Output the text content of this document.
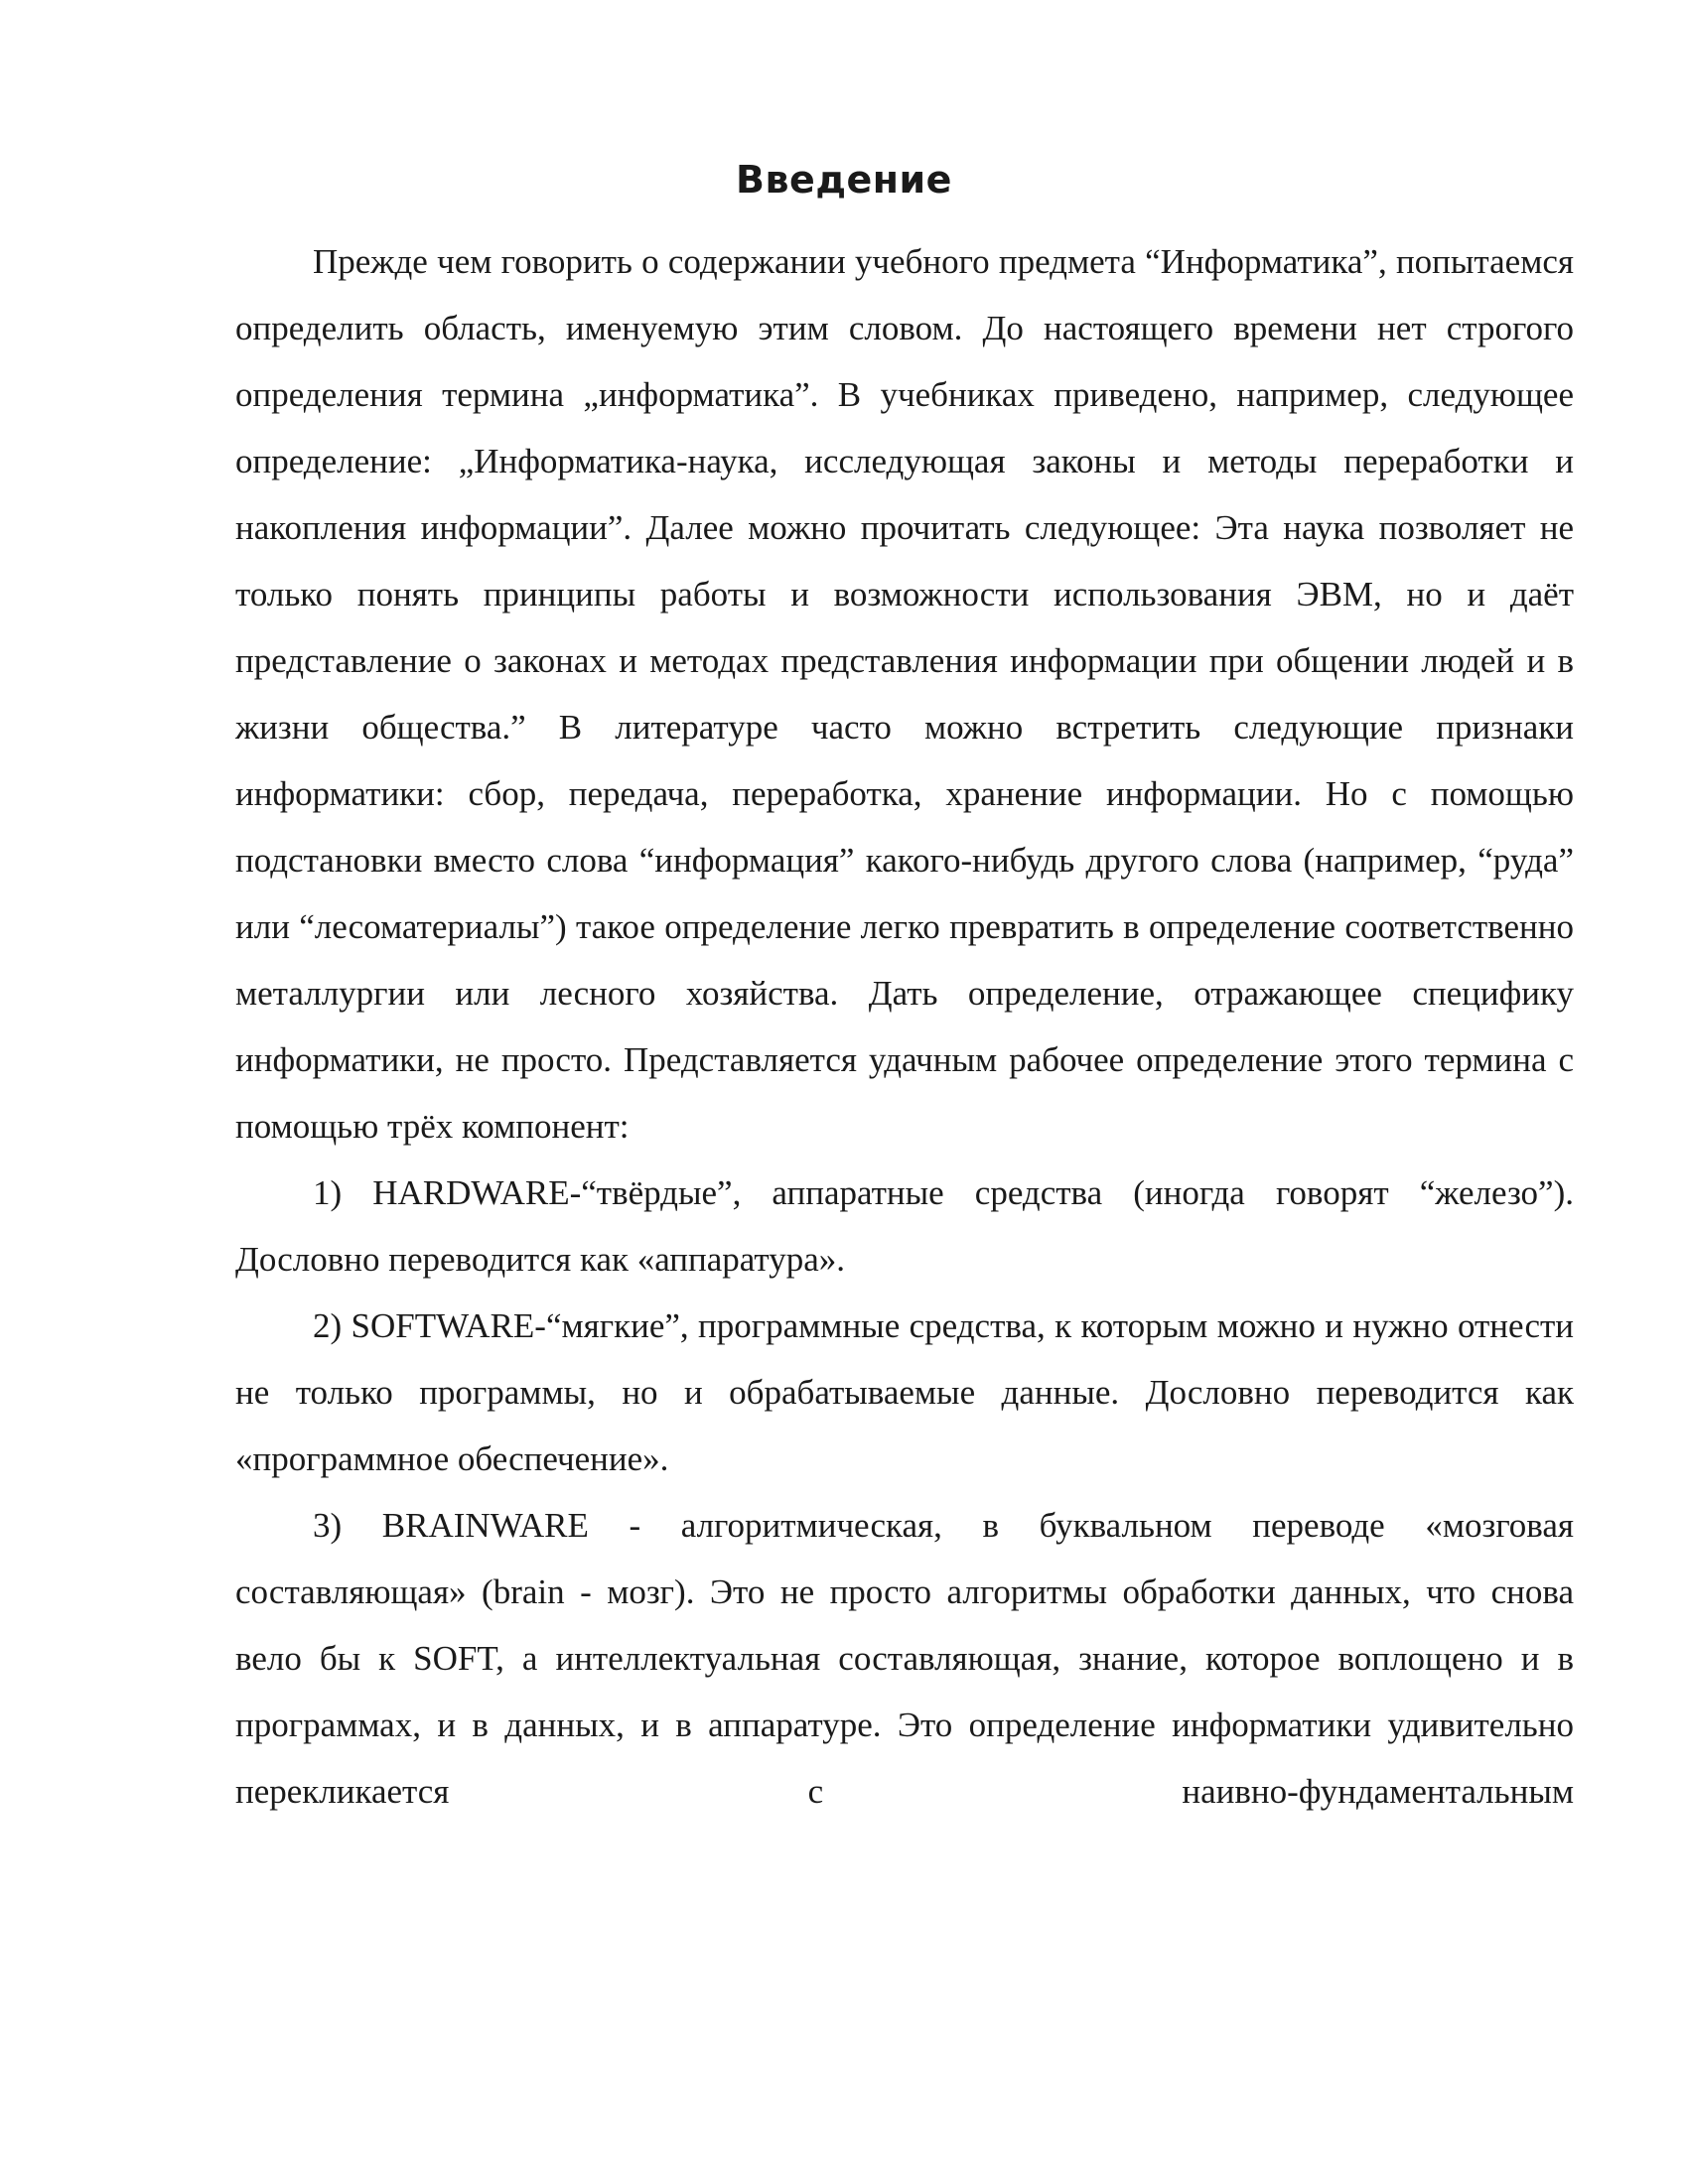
Введение

Прежде чем говорить о содержании учебного предмета “Информатика”, попытаемся определить область, именуемую этим словом. До настоящего времени нет строгого определения термина „информатика”. В учебниках приведено, например, следующее определение: „Информатика-наука, исследующая законы и методы переработки и накопления информации”. Далее можно прочитать следующее: Эта наука позволяет не только понять принципы работы и возможности использования ЭВМ, но и даёт представление о законах и методах представления информации при общении людей и в жизни общества.” В литературе часто можно встретить следующие признаки информатики: сбор, передача, переработка, хранение информации. Но с помощью подстановки вместо слова “информация” какого-нибудь другого слова (например, “руда” или “лесоматериалы”) такое определение легко превратить в определение соответственно металлургии или лесного хозяйства. Дать определение, отражающее специфику информатики, не просто. Представляется удачным рабочее определение этого термина с помощью трёх компонент:

1) HARDWARE-“твёрдые”, аппаратные средства (иногда говорят “железо”). Дословно переводится как «аппаратура».

2) SOFTWARE-“мягкие”, программные средства, к которым можно и нужно отнести не только программы, но и обрабатываемые данные. Дословно переводится как «программное обеспечение».

3) BRAINWARE - алгоритмическая, в буквальном переводе «мозговая составляющая» (brain - мозг). Это не просто алгоритмы обработки данных, что снова вело бы к SOFT, а интеллектуальная составляющая, знание, которое воплощено и в программах, и в данных, и в аппаратуре. Это определение информатики удивительно перекликается с наивно-фундаментальным
